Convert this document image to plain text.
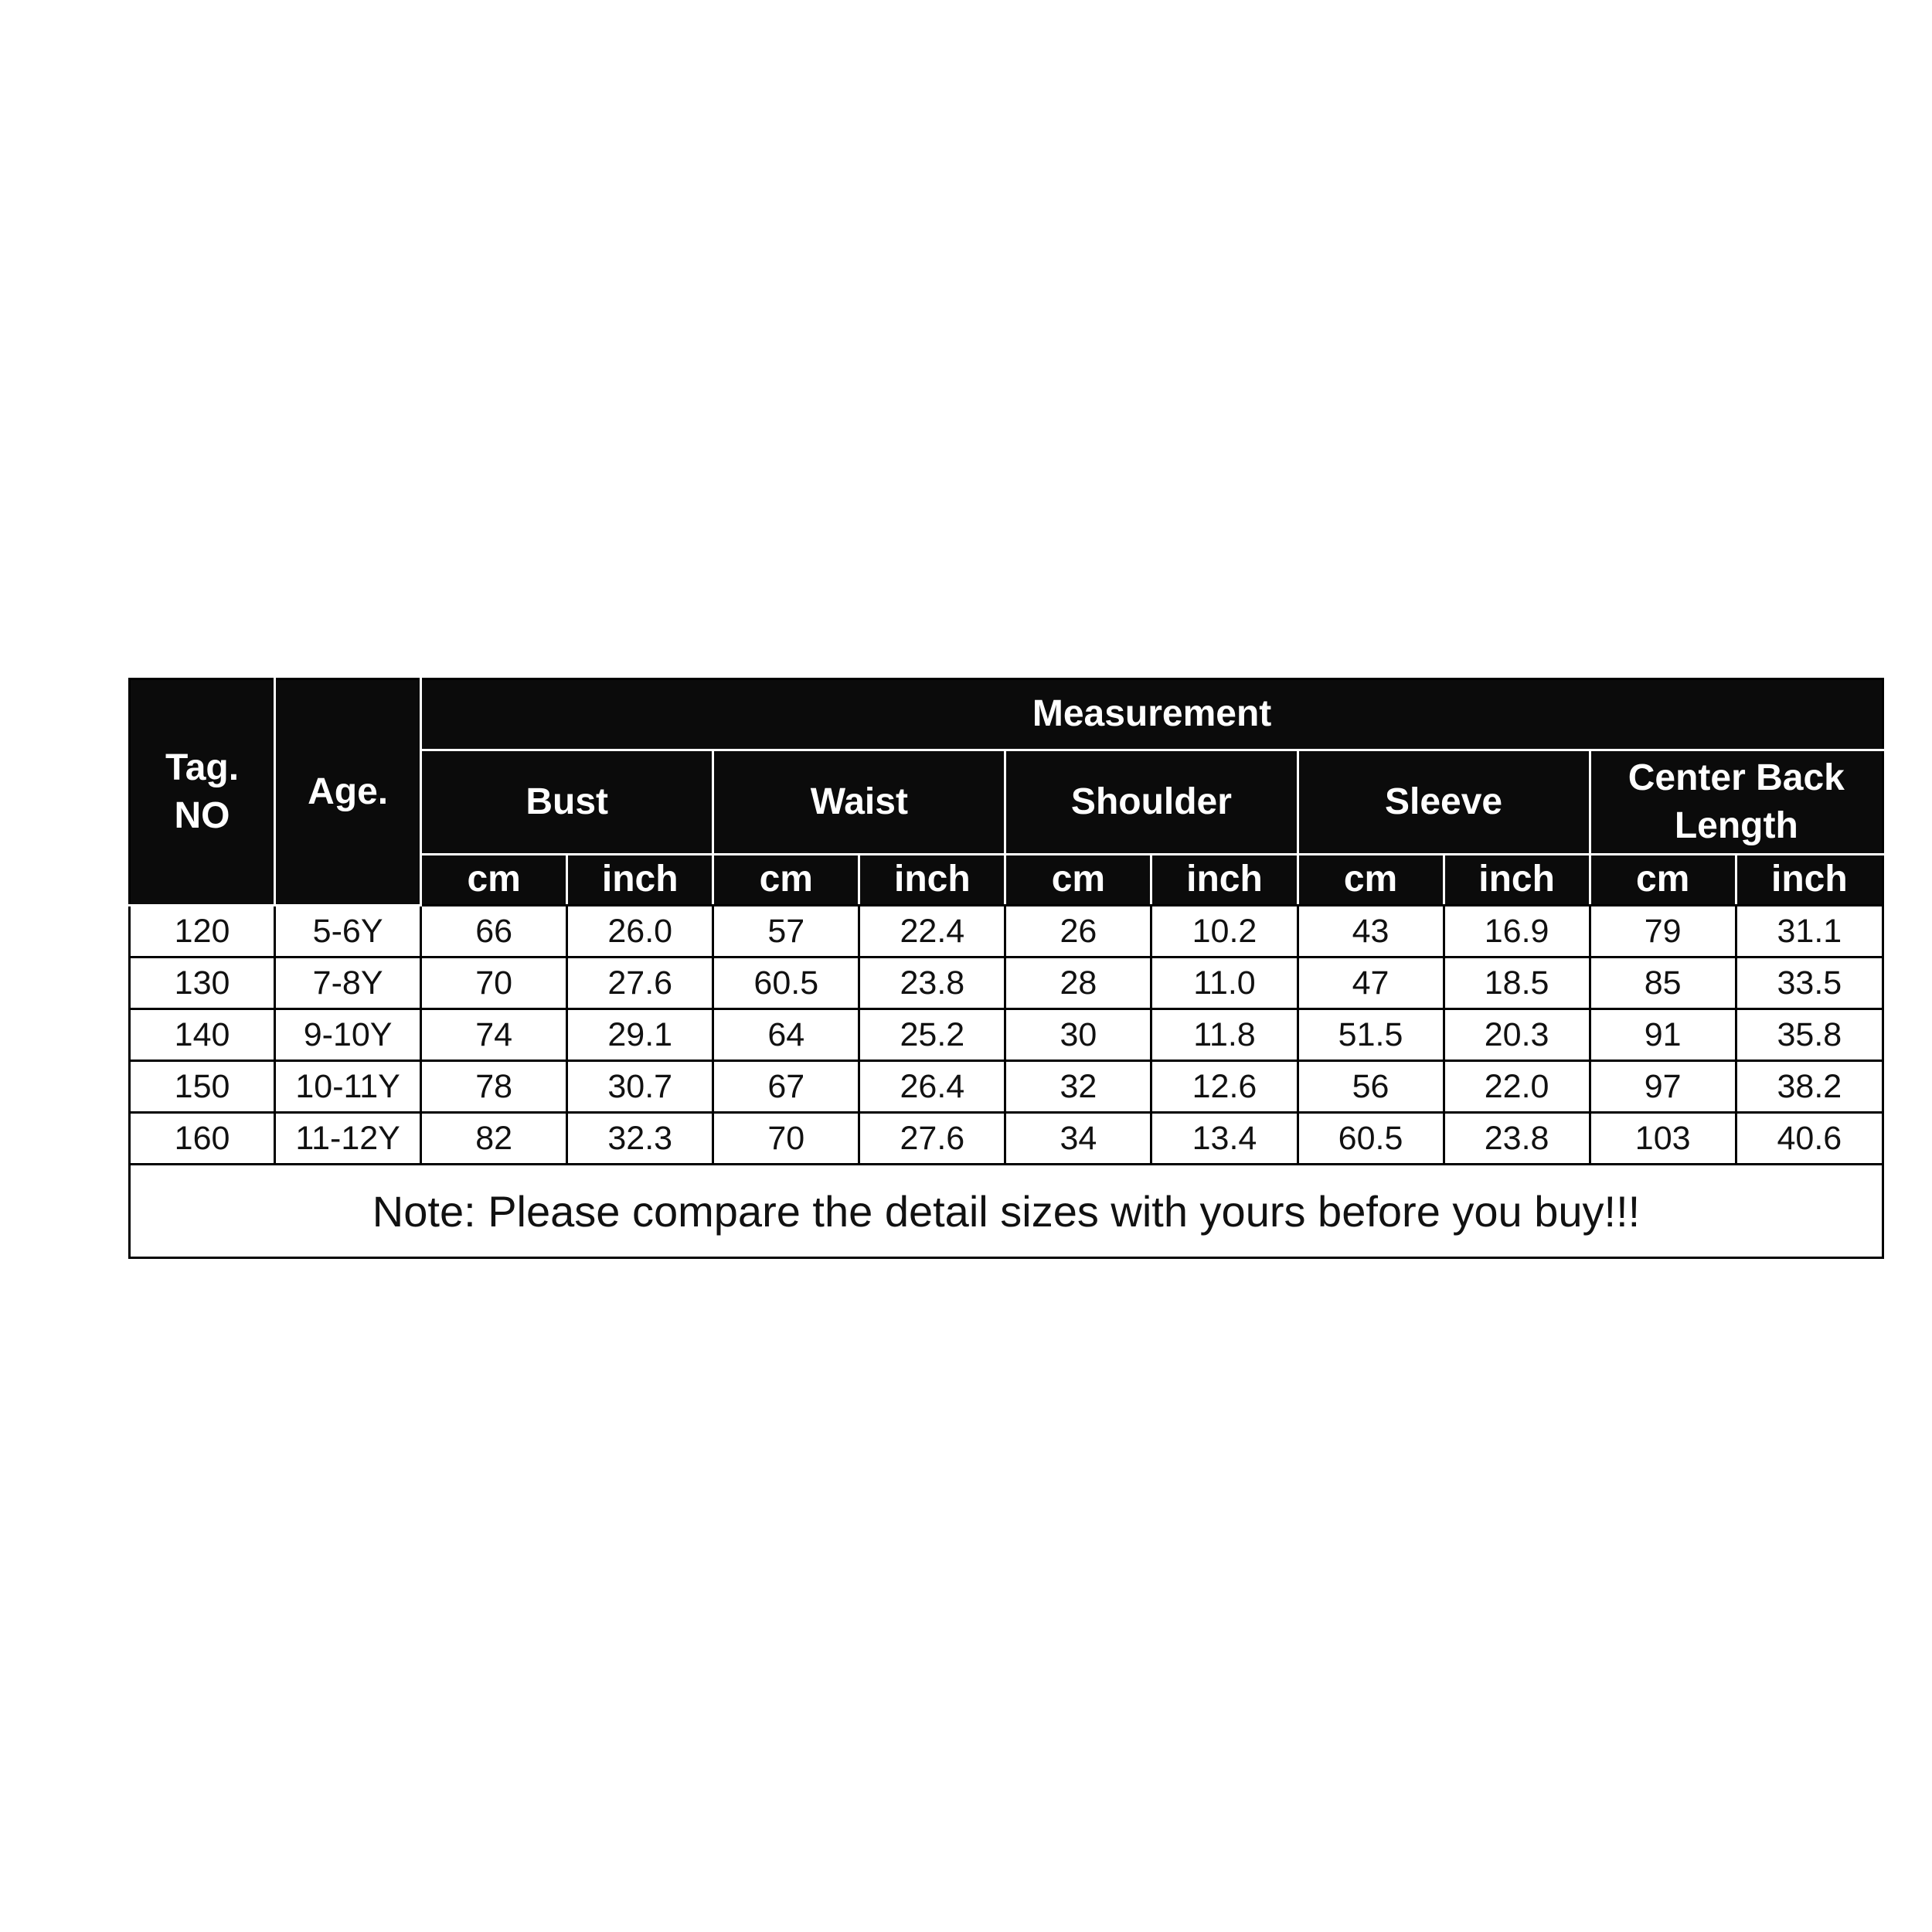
Tag.
NO	Age.	Measurement									
		Bust		Waist		Shoulder		Sleeve		Center Back Length	
		cm	inch	cm	inch	cm	inch	cm	inch	cm	inch
120	5-6Y	66	26.0	57	22.4	26	10.2	43	16.9	79	31.1
130	7-8Y	70	27.6	60.5	23.8	28	11.0	47	18.5	85	33.5
140	9-10Y	74	29.1	64	25.2	30	11.8	51.5	20.3	91	35.8
150	10-11Y	78	30.7	67	26.4	32	12.6	56	22.0	97	38.2
160	11-12Y	82	32.3	70	27.6	34	13.4	60.5	23.8	103	40.6
Note: Please compare the detail sizes with yours before you buy!!!											
